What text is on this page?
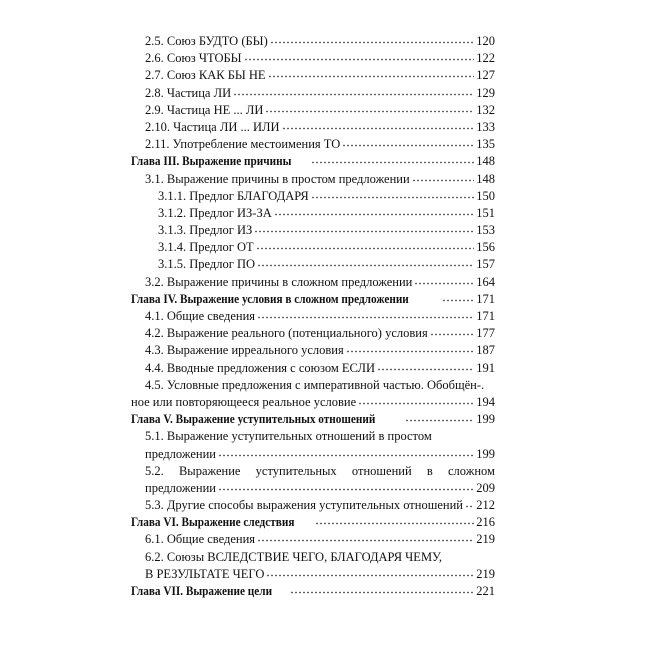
2.5. Союз БУДТО (БЫ)	120
2.6. Союз ЧТОБЫ	122
2.7. Союз КАК БЫ НЕ	127
2.8. Частица ЛИ	129
2.9. Частица НЕ ... ЛИ	132
2.10. Частица ЛИ ... ИЛИ	133
2.11. Употребление местоимения ТО	135
Глава III. Выражение причины	148
3.1. Выражение причины в простом предложении	148
3.1.1. Предлог БЛАГОДАРЯ	150
3.1.2. Предлог ИЗ-ЗА	151
3.1.3. Предлог ИЗ	153
3.1.4. Предлог ОТ	156
3.1.5. Предлог ПО	157
3.2. Выражение причины в сложном предложении	164
Глава IV. Выражение условия в сложном предложении	171
4.1. Общие сведения	171
4.2. Выражение реального (потенциального) условия	177
4.3. Выражение ирреального условия	187
4.4. Вводные предложения с союзом ЕСЛИ	191
4.5. Условные предложения с императивной частью. Обобщён-.
ное или повторяющееся реальное условие	194
Глава V. Выражение уступительных отношений	199
5.1. Выражение уступительных отношений в простом
предложении	199
5.2. Выражение уступительных отношений в сложном
предложении	209
5.3. Другие способы выражения уступительных отношений 212
Глава VI. Выражение следствия	216
6.1. Общие сведения	219
6.2. Союзы ВСЛЕДСТВИЕ ЧЕГО, БЛАГОДАРЯ ЧЕМУ,
В РЕЗУЛЬТАТЕ ЧЕГО	219
Глава VII. Выражение цели	221
